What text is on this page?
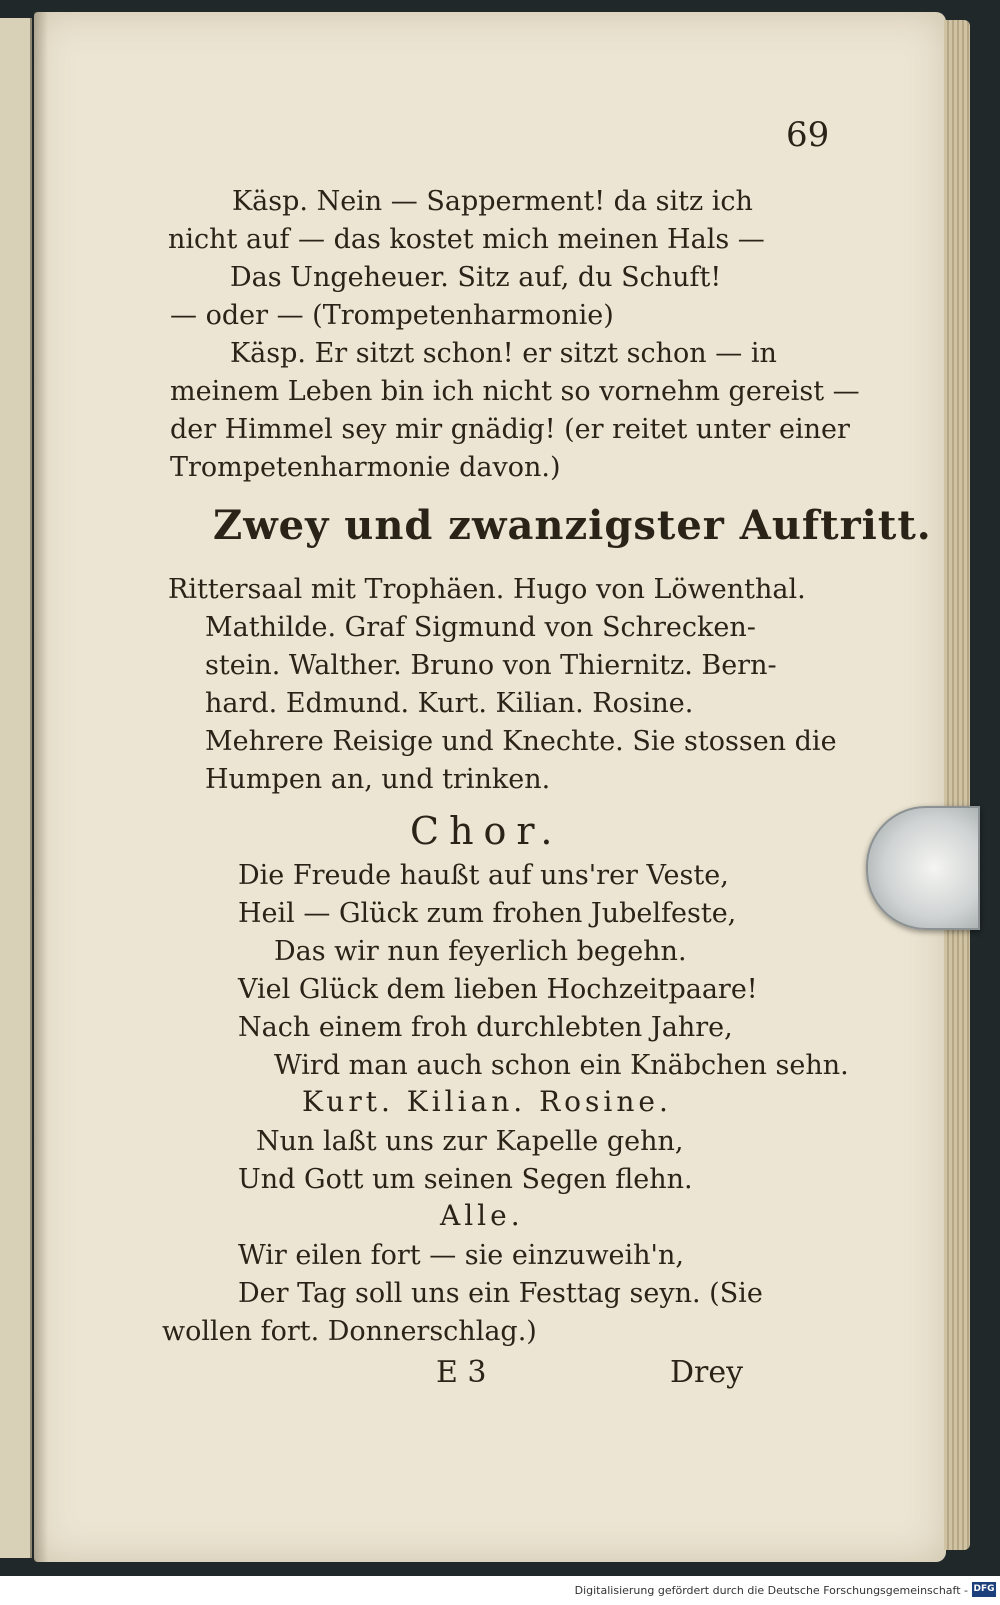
69

Käsp. Nein — Sapperment! da sitz ich

nicht auf — das kostet mich meinen Hals —

Das Ungeheuer. Sitz auf, du Schuft!

— oder — (Trompetenharmonie)

Käsp. Er sitzt schon! er sitzt schon — in

meinem Leben bin ich nicht so vornehm gereist —

der Himmel sey mir gnädig! (er reitet unter einer

Trompetenharmonie davon.)

Zwey und zwanzigster Auftritt.

Rittersaal mit Trophäen. Hugo von Löwenthal.

Mathilde. Graf Sigmund von Schrecken-

stein. Walther. Bruno von Thiernitz. Bern-

hard. Edmund. Kurt. Kilian. Rosine.

Mehrere Reisige und Knechte. Sie stossen die

Humpen an, und trinken.

Chor.

Die Freude haußt auf uns'rer Veste,

Heil — Glück zum frohen Jubelfeste,

Das wir nun feyerlich begehn.

Viel Glück dem lieben Hochzeitpaare!

Nach einem froh durchlebten Jahre,

Wird man auch schon ein Knäbchen sehn.

Kurt. Kilian. Rosine.

Nun laßt uns zur Kapelle gehn,

Und Gott um seinen Segen flehn.

Alle.

Wir eilen fort — sie einzuweih'n,

Der Tag soll uns ein Festtag seyn. (Sie

wollen fort. Donnerschlag.)

E 3	Drey

Digitalisierung gefördert durch die Deutsche Forschungsgemeinschaft - DFG
